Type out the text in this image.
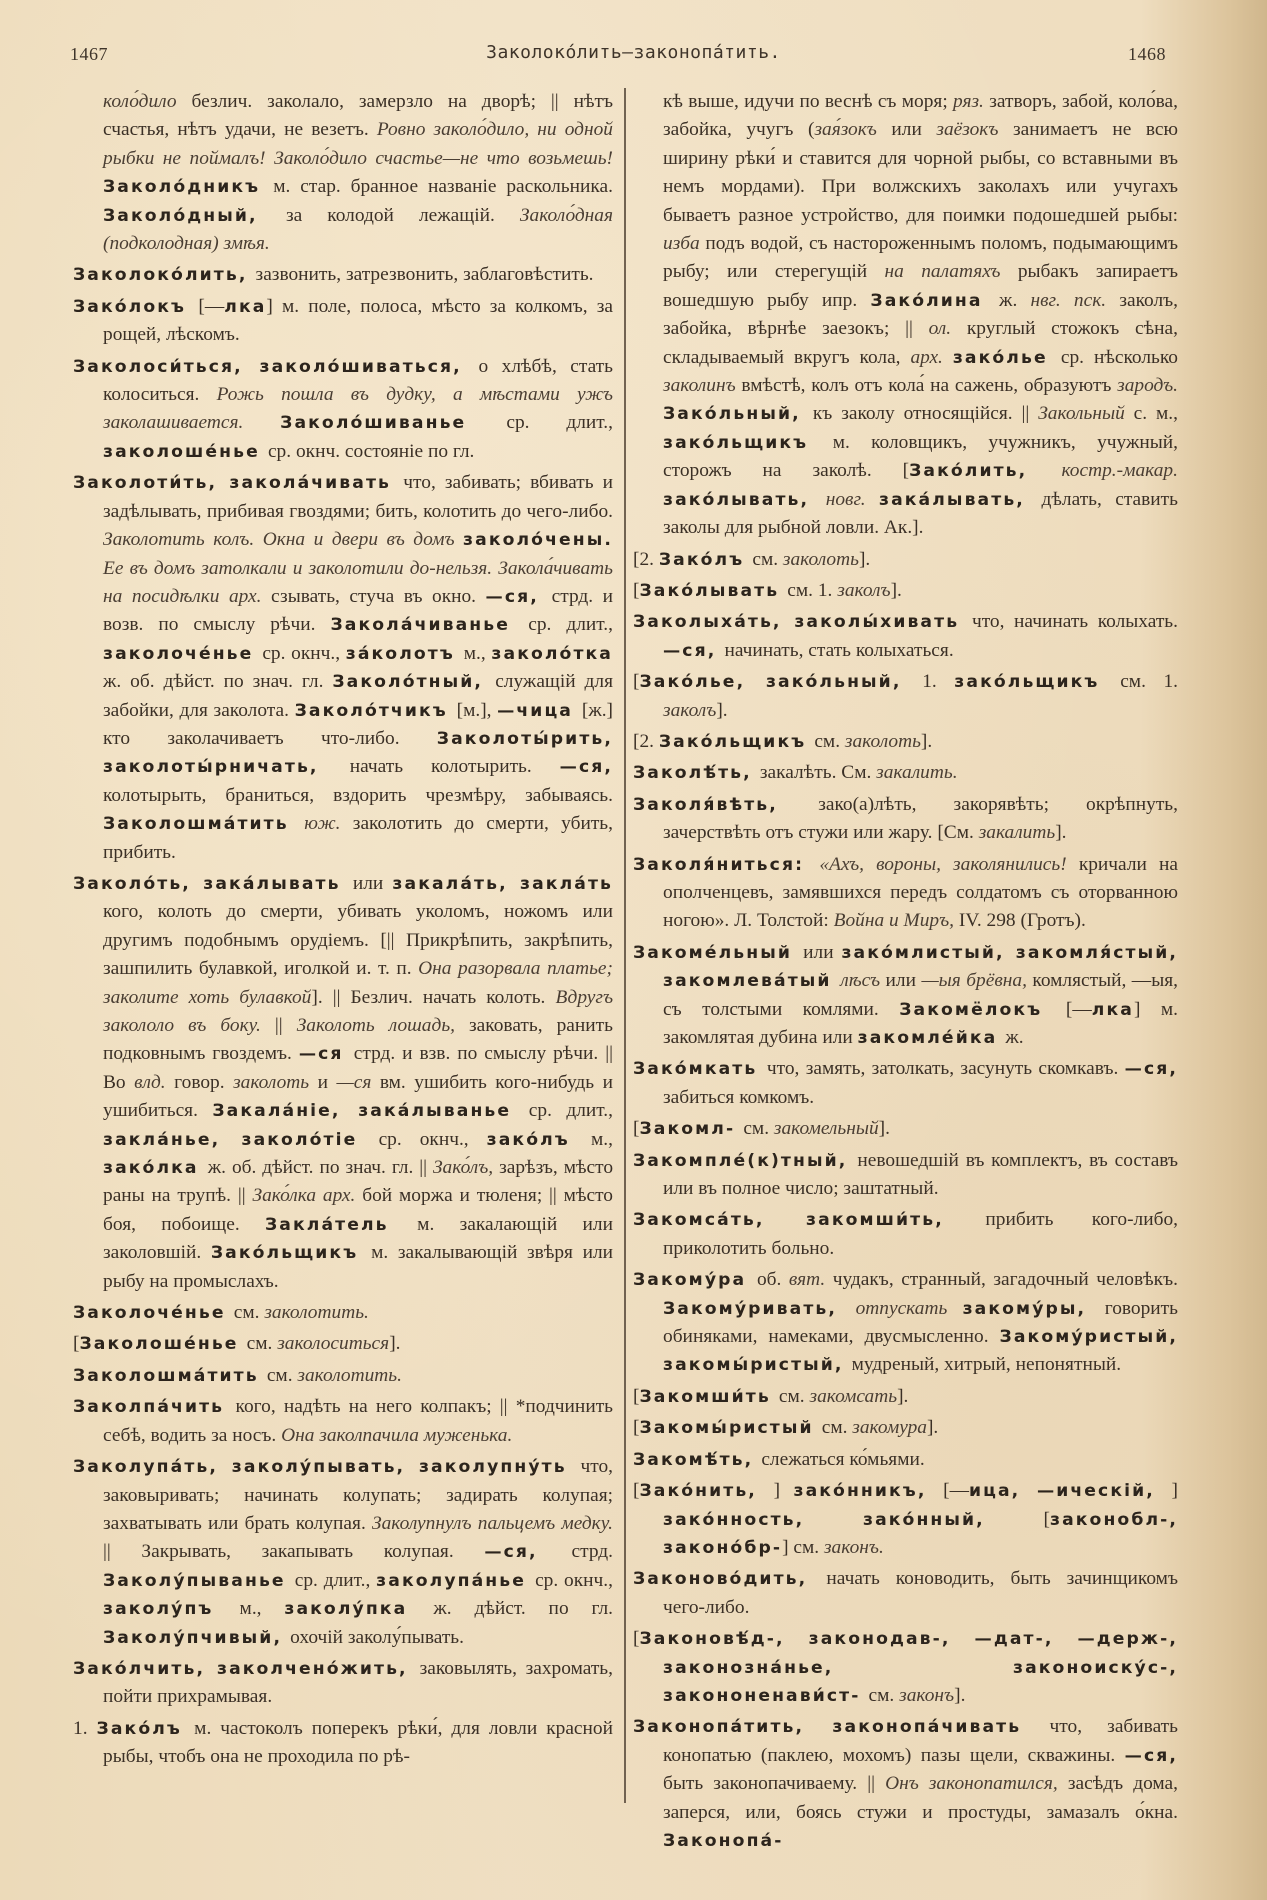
1467	Заколоко́лить—законопа́тить.	1468

коло́дило безлич. заколало, замерзло на дворѣ; || нѣтъ счастья, нѣтъ удачи, не везетъ. Ровно заколо́дило, ни одной рыбки не поймалъ! Заколо́дило счастье—не что возьмешь! Заколо́дникъ м. стар. бранное названіе раскольника. Заколо́дный, за колодой лежащій. Заколо́дная (подколодная) змѣя.

Заколоко́лить, зазвонить, затрезвонить, заблаговѣстить.

Зако́локъ [—лка] м. поле, полоса, мѣсто за колкомъ, за рощей, лѣскомъ.

Заколоси́ться, заколо́шиваться, о хлѣбѣ, стать колоситься. Рожь пошла въ дудку, а мѣстами ужъ заколашивается. Заколо́шиванье ср. длит., заколоше́нье ср. окнч. состояніе по гл.

Заколоти́ть, закола́чивать что, забивать; вбивать и задѣлывать, прибивая гвоздями; бить, колотить до чего-либо. Заколотить колъ. Окна и двери въ домъ заколо́чены. Ее въ домъ затолкали и заколотили до-нельзя. Закола́чивать на посидѣлки арх. сзывать, стуча въ окно. —ся, стрд. и возв. по смыслу рѣчи. Закола́чиванье ср. длит., заколоче́нье ср. окнч., за́колотъ м., заколо́тка ж. об. дѣйст. по знач. гл. Заколо́тный, служащій для забойки, для заколота. Заколо́тчикъ [м.], —чица [ж.] кто заколачиваетъ что-либо. Заколоты́рить, заколоты́рничать, начать колотырить. —ся, колотырыть, браниться, вздорить чрезмѣру, забываясь. Заколошма́тить юж. заколотить до смерти, убить, прибить.

Заколо́ть, зака́лывать или закала́ть, закла́ть кого, колоть до смерти, убивать уколомъ, ножомъ или другимъ подобнымъ орудіемъ. [|| Прикрѣпить, закрѣпить, зашпилить булавкой, иголкой и. т. п. Она разорвала платье; заколите хоть булавкой]. || Безлич. начать колоть. Вдругъ закололо въ боку. || Заколоть лошадь, заковать, ранить подковнымъ гвоздемъ. —ся стрд. и взв. по смыслу рѣчи. || Во влд. говор. заколоть и —ся вм. ушибить кого-нибудь и ушибиться. Закала́ніе, зака́лыванье ср. длит., закла́нье, заколо́тіе ср. окнч., зако́лъ м., зако́лка ж. об. дѣйст. по знач. гл. || Зако́лъ, зарѣзъ, мѣсто раны на трупѣ. || Зако́лка арх. бой моржа и тюленя; || мѣсто боя, побоище. Закла́тель м. закалающій или заколовшій. Зако́льщикъ м. закалывающій звѣря или рыбу на промыслахъ.

Заколоче́нье см. заколотить.

[Заколоше́нье см. заколоситься].

Заколошма́тить см. заколотить.

Заколпа́чить кого, надѣть на него колпакъ; || *подчинить себѣ, водить за носъ. Она заколпачила муженька.

Заколупа́ть, заколу́пывать, заколупну́ть что, заковыривать; начинать колупать; задирать колупая; захватывать или брать колупая. Заколупнулъ пальцемъ медку. || Закрывать, закапывать колупая. —ся, стрд. Заколу́пыванье ср. длит., заколупа́нье ср. окнч., заколу́пъ м., заколу́пка ж. дѣйст. по гл. Заколу́пчивый, охочій заколу́пывать.

Зако́лчить, заколчено́жить, заковылять, захромать, пойти прихрамывая.

1. Зако́лъ м. частоколъ поперекъ рѣки́, для ловли красной рыбы, чтобъ она не проходила по рѣ-

кѣ выше, идучи по веснѣ съ моря; ряз. затворъ, забой, коло́ва, забойка, учугъ (зая́зокъ или заёзокъ занимаетъ не всю ширину рѣки́ и ставится для чорной рыбы, со вставными въ немъ мордами). При волжскихъ заколахъ или учугахъ бываетъ разное устройство, для поимки подошедшей рыбы: изба подъ водой, съ настороженнымъ поломъ, подымающимъ рыбу; или стерегущій на палатяхъ рыбакъ запираетъ вошедшую рыбу ипр. Зако́лина ж. нвг. пск. заколъ, забойка, вѣрнѣе заезокъ; || ол. круглый стожокъ сѣна, складываемый вкругъ кола, арх. зако́лье ср. нѣсколько заколинъ вмѣстѣ, колъ отъ кола́ на сажень, образуютъ зародъ. Зако́льный, къ заколу относящійся. || Закольный с. м., зако́льщикъ м. коловщикъ, учужникъ, учужный, сторожъ на заколѣ. [Зако́лить, костр.-макар. зако́лывать, новг. зака́лывать, дѣлать, ставить заколы для рыбной ловли. Ак.].

[2. Зако́лъ см. заколоть].

[Зако́лывать см. 1. заколъ].

Заколыха́ть, заколы́хивать что, начинать колыхать. —ся, начинать, стать колыхаться.

[Зако́лье, зако́льный, 1. зако́льщикъ см. 1. заколъ].

[2. Зако́льщикъ см. заколоть].

Заколѣ́ть, закалѣть. См. закалить.

Заколя́вѣть, зако(а)лѣть, закорявѣть; окрѣпнуть, зачерствѣть отъ стужи или жару. [См. закалить].

Заколя́ниться: «Ахъ, вороны, заколянились! кричали на ополченцевъ, замявшихся передъ солдатомъ съ оторванною ногою». Л. Толстой: Война и Миръ, IV. 298 (Гротъ).

Закоме́льный или зако́млистый, закомля́стый, закомлева́тый лѣсъ или —ыя брёвна, комлястый, —ыя, съ толстыми комлями. Закомёлокъ [—лка] м. закомлятая дубина или закомле́йка ж.

Зако́мкать что, замять, затолкать, засунуть скомкавъ. —ся, забиться комкомъ.

[Закомл- см. закомельный].

Закомпле́(к)тный, невошедшій въ комплектъ, въ составъ или въ полное число; заштатный.

Закомса́ть, закомши́ть, прибить кого-либо, приколотить больно.

Закому́ра об. вят. чудакъ, странный, загадочный человѣкъ. Закому́ривать, отпускать закому́ры, говорить обиняками, намеками, двусмысленно. Закому́ристый, закомы́ристый, мудреный, хитрый, непонятный.

[Закомши́ть см. закомсать].

[Закомы́ристый см. закомура].

Закомѣ́ть, слежаться ко́мьями.

[Зако́нить, ] зако́нникъ, [—ица, —ическій, ] зако́нность, зако́нный, [законобл-, законо́бр-] см. законъ.

Законово́дить, начать коноводить, быть зачинщикомъ чего-либо.

[Законовѣ́д-, законодав-, —дат-, —держ-, законозна́нье, законоиску́с-, закононенави́ст- см. законъ].

Законопа́тить, законопа́чивать что, забивать конопатью (паклею, мохомъ) пазы щели, скважины. —ся, быть законопачиваему. || Онъ законопатился, засѣдъ дома, заперся, или, боясь стужи и простуды, замазалъ о́кна. Законопа́-
